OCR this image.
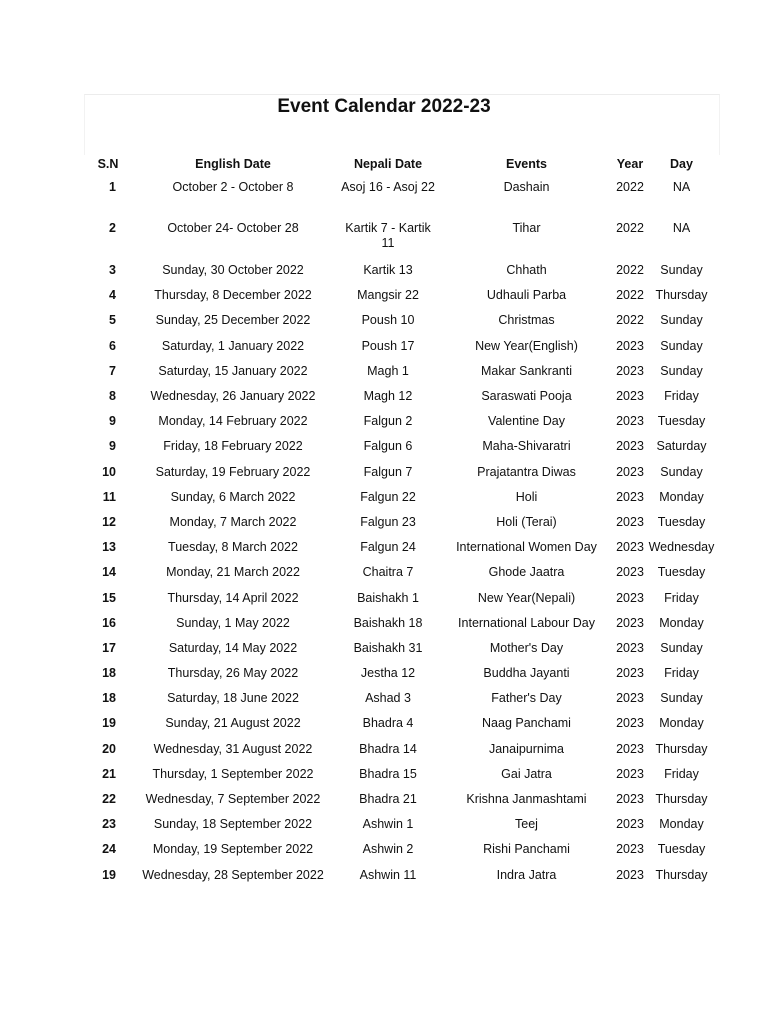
Event Calendar 2022-23
S.N	English Date	Nepali Date	Events	Year	Day
1	October 2 - October 8	Asoj 16 - Asoj 22	Dashain	2022	NA
2	October 24- October 28	Kartik 7 - Kartik 11	Tihar	2022	NA
3	Sunday, 30 October 2022	Kartik 13	Chhath	2022	Sunday
4	Thursday, 8 December 2022	Mangsir 22	Udhauli Parba	2022	Thursday
5	Sunday, 25 December 2022	Poush 10	Christmas	2022	Sunday
6	Saturday, 1 January 2022	Poush 17	New Year(English)	2023	Sunday
7	Saturday, 15 January 2022	Magh 1	Makar Sankranti	2023	Sunday
8	Wednesday, 26 January 2022	Magh 12	Saraswati Pooja	2023	Friday
9	Monday, 14 February 2022	Falgun 2	Valentine Day	2023	Tuesday
9	Friday, 18 February 2022	Falgun 6	Maha-Shivaratri	2023	Saturday
10	Saturday, 19 February 2022	Falgun 7	Prajatantra Diwas	2023	Sunday
11	Sunday, 6 March 2022	Falgun 22	Holi	2023	Monday
12	Monday, 7 March 2022	Falgun 23	Holi (Terai)	2023	Tuesday
13	Tuesday, 8 March 2022	Falgun 24	International Women Day	2023	Wednesday
14	Monday, 21 March 2022	Chaitra 7	Ghode Jaatra	2023	Tuesday
15	Thursday, 14 April 2022	Baishakh 1	New Year(Nepali)	2023	Friday
16	Sunday, 1 May 2022	Baishakh 18	International Labour Day	2023	Monday
17	Saturday, 14 May 2022	Baishakh 31	Mother's Day	2023	Sunday
18	Thursday, 26 May 2022	Jestha 12	Buddha Jayanti	2023	Friday
18	Saturday, 18 June 2022	Ashad 3	Father's Day	2023	Sunday
19	Sunday, 21 August 2022	Bhadra 4	Naag Panchami	2023	Monday
20	Wednesday, 31 August 2022	Bhadra 14	Janaipurnima	2023	Thursday
21	Thursday, 1 September 2022	Bhadra 15	Gai Jatra	2023	Friday
22	Wednesday, 7 September 2022	Bhadra 21	Krishna Janmashtami	2023	Thursday
23	Sunday, 18 September 2022	Ashwin 1	Teej	2023	Monday
24	Monday, 19 September 2022	Ashwin 2	Rishi Panchami	2023	Tuesday
19	Wednesday, 28 September 2022	Ashwin 11	Indra Jatra	2023	Thursday
